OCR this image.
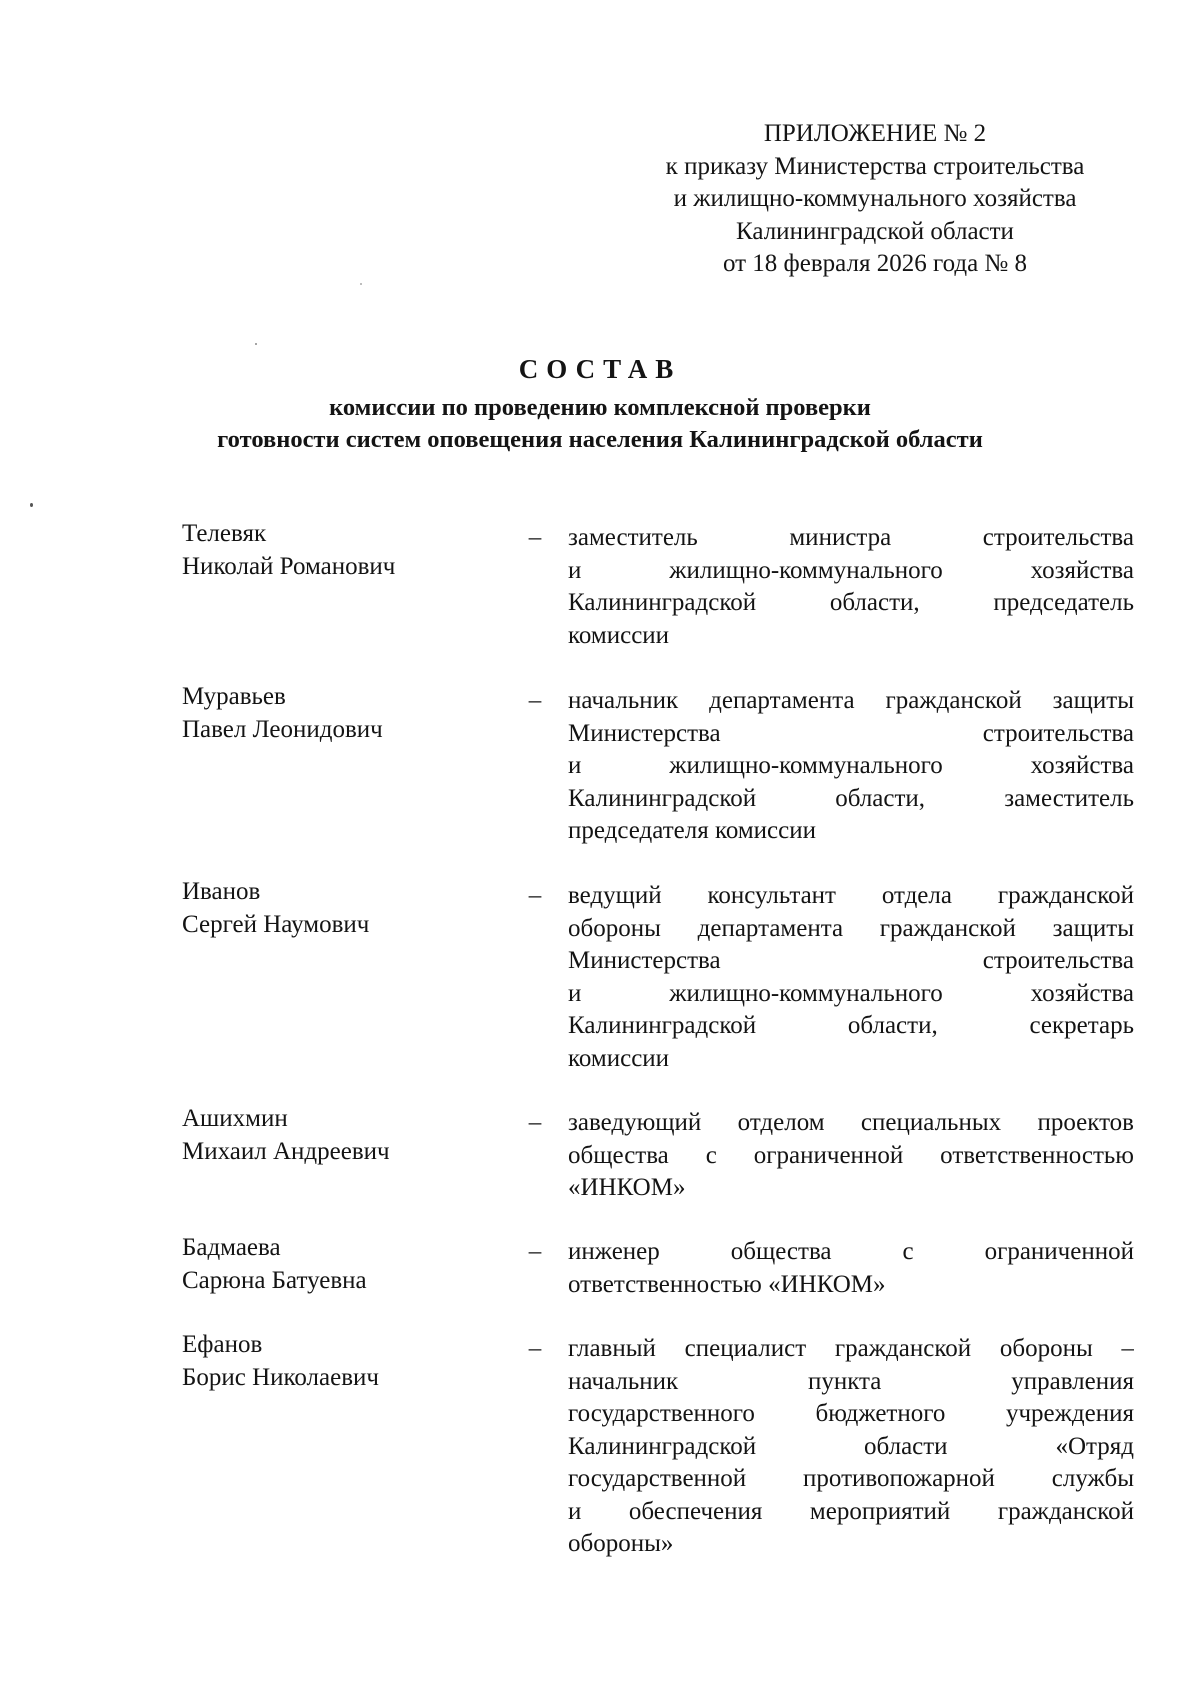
ПРИЛОЖЕНИЕ № 2
к приказу Министерства строительства
и жилищно-коммунального хозяйства
Калининградской области
от 18 февраля 2026 года № 8
СОСТАВ
комиссии по проведению комплексной проверки
готовности систем оповещения населения Калининградской области
Телевяк
Николай Романович
– заместитель министра строительства
и жилищно-коммунального хозяйства
Калининградской области, председатель
комиссии
Муравьев
Павел Леонидович
– начальник департамента гражданской защиты
Министерства строительства
и жилищно-коммунального хозяйства
Калининградской области, заместитель
председателя комиссии
Иванов
Сергей Наумович
– ведущий консультант отдела гражданской
обороны департамента гражданской защиты
Министерства строительства
и жилищно-коммунального хозяйства
Калининградской области, секретарь
комиссии
Ашихмин
Михаил Андреевич
– заведующий отделом специальных проектов
общества с ограниченной ответственностью
«ИНКОМ»
Бадмаева
Сарюна Батуевна
– инженер общества с ограниченной
ответственностью «ИНКОМ»
Ефанов
Борис Николаевич
– главный специалист гражданской обороны –
начальник пункта управления
государственного бюджетного учреждения
Калининградской области «Отряд
государственной противопожарной службы
и обеспечения мероприятий гражданской
обороны»
